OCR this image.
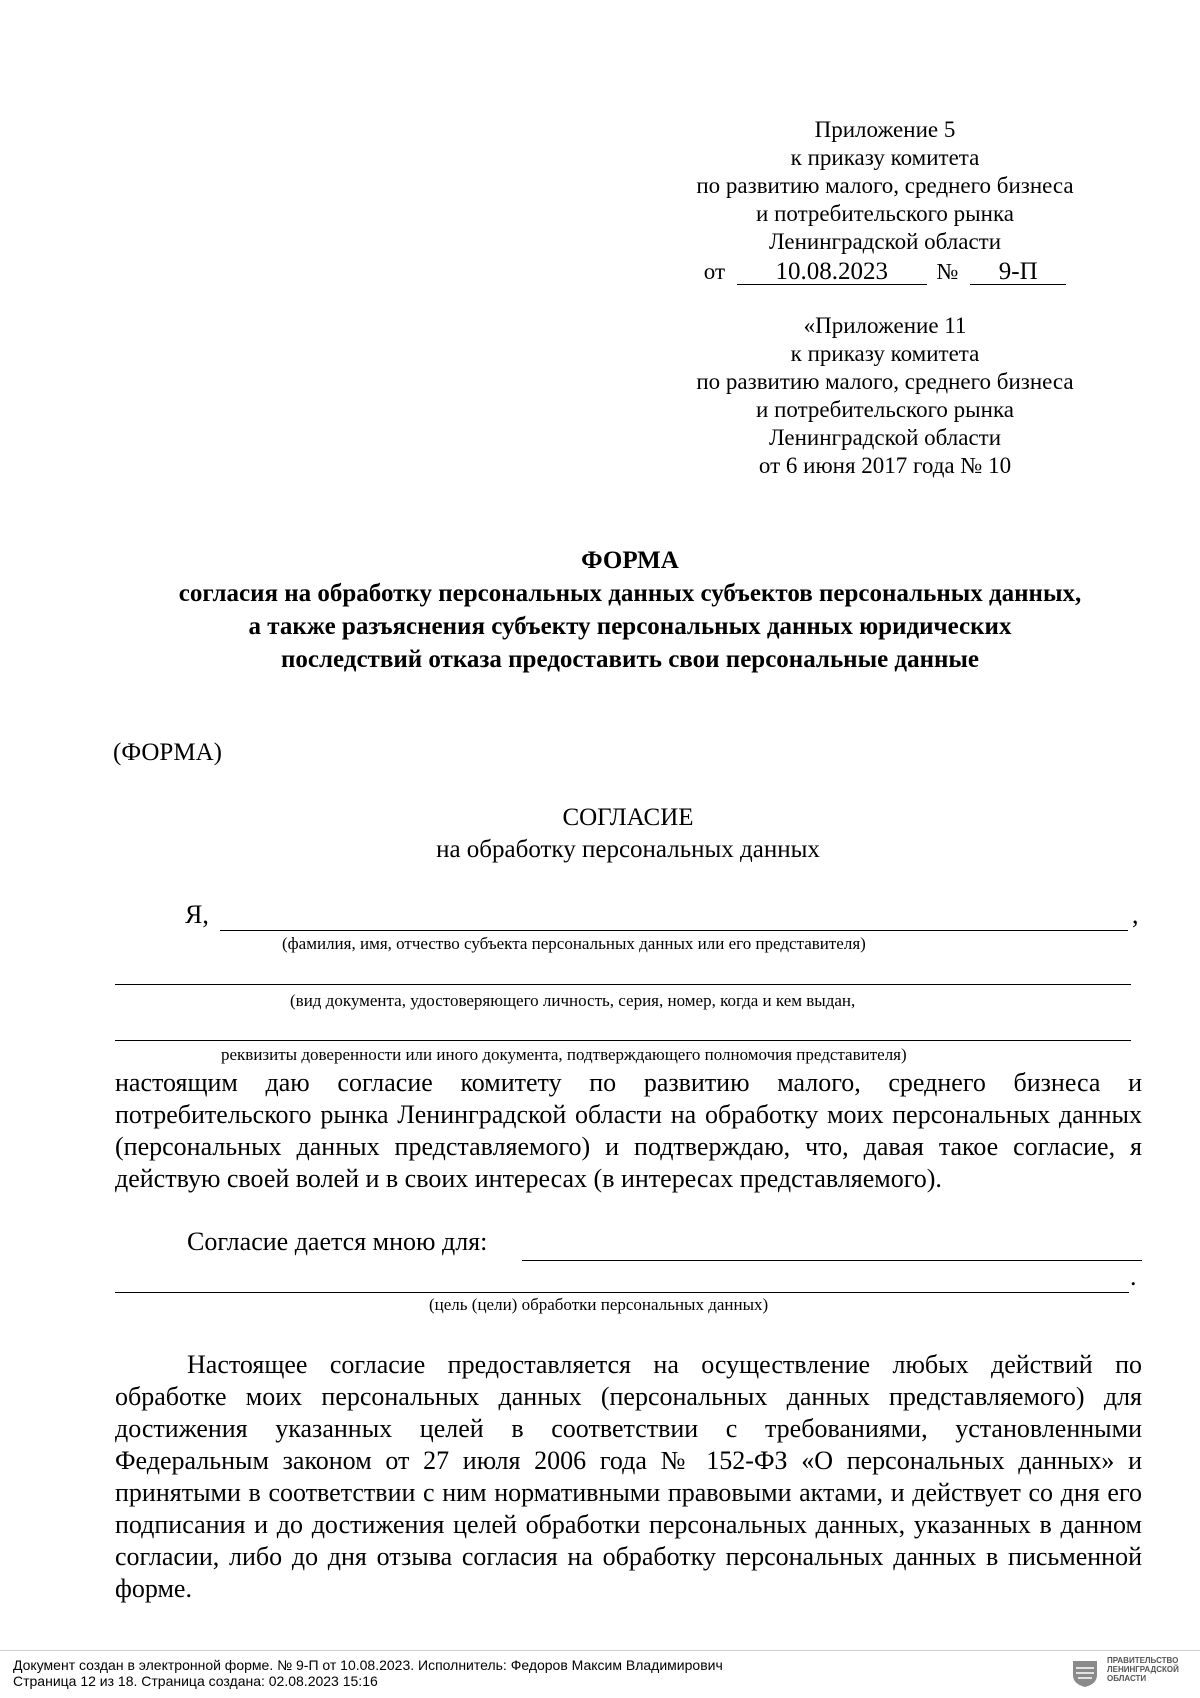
Приложение 5
к приказу комитета
по развитию малого, среднего бизнеса
и потребительского рынка
Ленинградской области
от 10.08.2023 № 9-П
«Приложение 11
к приказу комитета
по развитию малого, среднего бизнеса
и потребительского рынка
Ленинградской области
от 6 июня 2017 года № 10
ФОРМА
согласия на обработку персональных данных субъектов персональных данных,
а также разъяснения субъекту персональных данных юридических
последствий отказа предоставить свои персональные данные
(ФОРМА)
СОГЛАСИЕ
на обработку персональных данных
Я,	,
(фамилия, имя, отчество субъекта персональных данных или его представителя)
(вид документа, удостоверяющего личность, серия, номер, когда и кем выдан,
реквизиты доверенности или иного документа, подтверждающего полномочия представителя)
настоящим даю согласие комитету по развитию малого, среднего бизнеса и потребительского рынка Ленинградской области на обработку моих персональных данных (персональных данных представляемого) и подтверждаю, что, давая такое согласие, я действую своей волей и в своих интересах (в интересах представляемого).
Согласие дается мною для:
.
(цель (цели) обработки персональных данных)
Настоящее согласие предоставляется на осуществление любых действий по обработке моих персональных данных (персональных данных представляемого) для достижения указанных целей в соответствии с требованиями, установленными Федеральным законом от 27 июля 2006 года № 152-ФЗ «О персональных данных» и принятыми в соответствии с ним нормативными правовыми актами, и действует со дня его подписания и до достижения целей обработки персональных данных, указанных в данном согласии, либо до дня отзыва согласия на обработку персональных данных в письменной форме.
Документ создан в электронной форме. № 9-П от 10.08.2023. Исполнитель: Федоров Максим Владимирович
Страница 12 из 18. Страница создана: 02.08.2023 15:16
ПРАВИТЕЛЬСТВО ЛЕНИНГРАДСКОЙ ОБЛАСТИ
